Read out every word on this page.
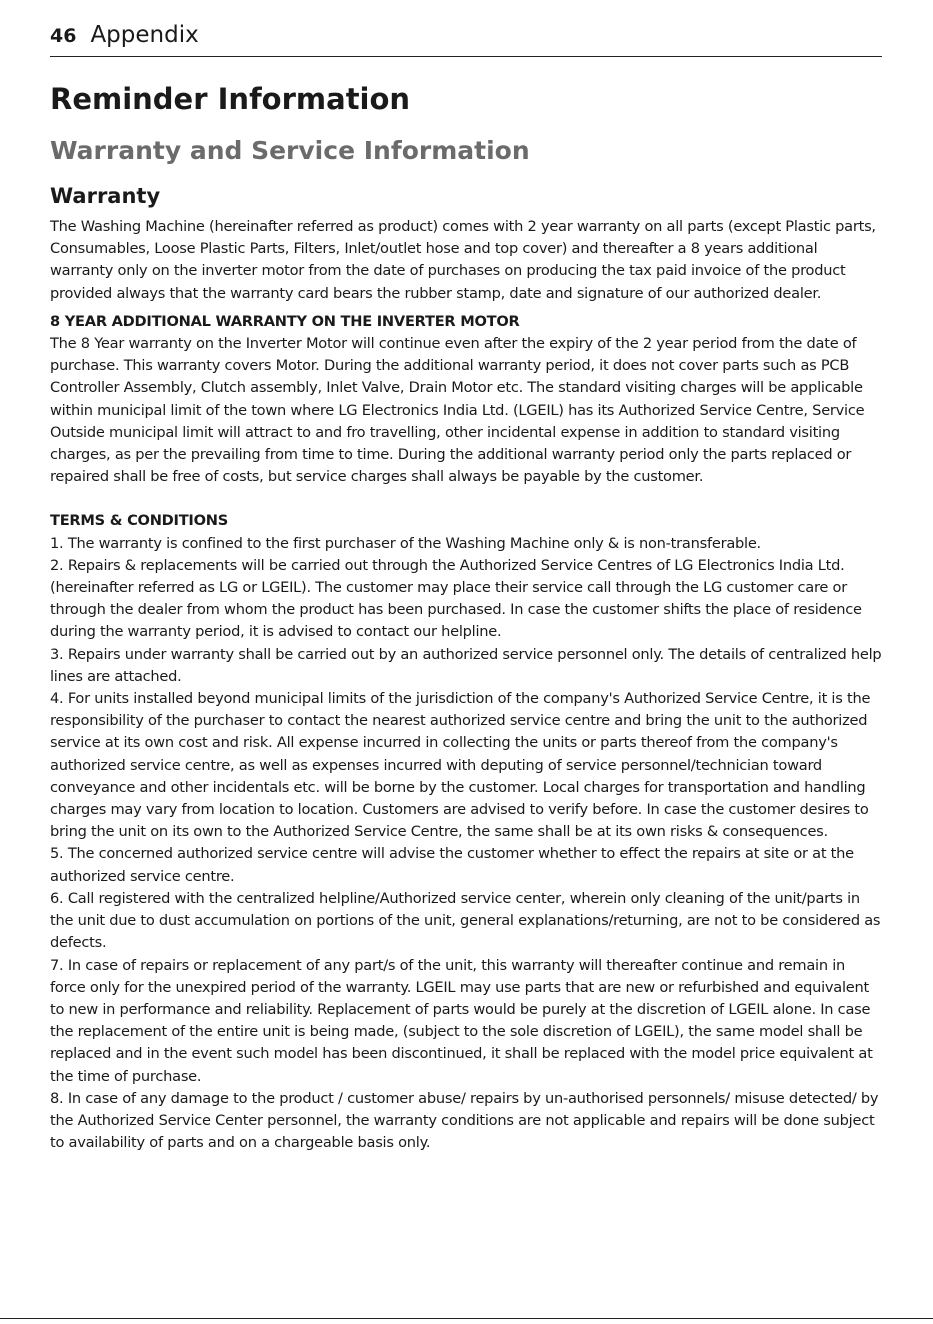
46 Appendix
Reminder Information
Warranty and Service Information
Warranty

The Washing Machine (hereinafter referred as product) comes with 2 year warranty on all parts (except Plastic parts, Consumables, Loose Plastic Parts, Filters, Inlet/outlet hose and top cover) and thereafter a 8 years additional warranty only on the inverter motor from the date of purchases on producing the tax paid invoice of the product provided always that the warranty card bears the rubber stamp, date and signature of our authorized dealer.

8 YEAR ADDITIONAL WARRANTY ON THE INVERTER MOTOR

The 8 Year warranty on the Inverter Motor will continue even after the expiry of the 2 year period from the date of purchase. This warranty covers Motor. During the additional warranty period, it does not cover parts such as PCB Controller Assembly, Clutch assembly, Inlet Valve, Drain Motor etc. The standard visiting charges will be applicable within municipal limit of the town where LG Electronics India Ltd. (LGEIL) has its Authorized Service Centre, Service Outside municipal limit will attract to and fro travelling, other incidental expense in addition to standard visiting charges, as per the prevailing from time to time. During the additional warranty period only the parts replaced or repaired shall be free of costs, but service charges shall always be payable by the customer.

TERMS & CONDITIONS

1. The warranty is confined to the first purchaser of the Washing Machine only & is non-transferable.

2. Repairs & replacements will be carried out through the Authorized Service Centres of LG Electronics India Ltd. (hereinafter referred as LG or LGEIL). The customer may place their service call through the LG customer care or through the dealer from whom the product has been purchased. In case the customer shifts the place of residence during the warranty period, it is advised to contact our helpline.

3. Repairs under warranty shall be carried out by an authorized service personnel only. The details of centralized help lines are attached.

4. For units installed beyond municipal limits of the jurisdiction of the company's Authorized Service Centre, it is the responsibility of the purchaser to contact the nearest authorized service centre and bring the unit to the authorized service at its own cost and risk. All expense incurred in collecting the units or parts thereof from the company's authorized service centre, as well as expenses incurred with deputing of service personnel/technician toward conveyance and other incidentals etc. will be borne by the customer. Local charges for transportation and handling charges may vary from location to location. Customers are advised to verify before. In case the customer desires to bring the unit on its own to the Authorized Service Centre, the same shall be at its own risks & consequences.

5. The concerned authorized service centre will advise the customer whether to effect the repairs at site or at the authorized service centre.

6. Call registered with the centralized helpline/Authorized service center, wherein only cleaning of the unit/parts in the unit due to dust accumulation on portions of the unit, general explanations/returning, are not to be considered as defects.

7. In case of repairs or replacement of any part/s of the unit, this warranty will thereafter continue and remain in force only for the unexpired period of the warranty. LGEIL may use parts that are new or refurbished and equivalent to new in performance and reliability. Replacement of parts would be purely at the discretion of LGEIL alone. In case the replacement of the entire unit is being made, (subject to the sole discretion of LGEIL), the same model shall be replaced and in the event such model has been discontinued, it shall be replaced with the model price equivalent at the time of purchase.

8. In case of any damage to the product / customer abuse/ repairs by un-authorised personnels/ misuse detected/ by the Authorized Service Center personnel, the warranty conditions are not applicable and repairs will be done subject to availability of parts and on a chargeable basis only.
